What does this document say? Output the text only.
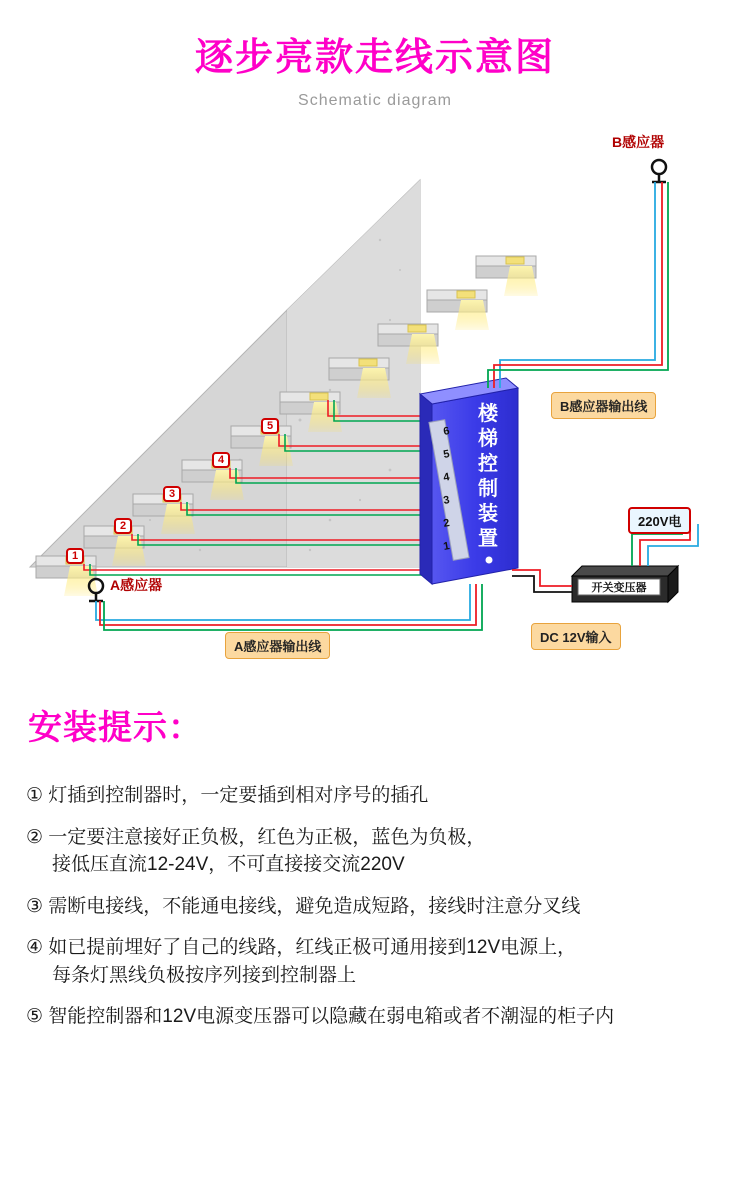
逐步亮款走线示意图
Schematic diagram
楼
梯
控
制
装
置
6
5
4
3
2
1
开关变压器
1
2
3
4
5
B感应器
A感应器
B感应器输出线
A感应器输出线
DC 12V输入
220V电
安装提示：
① 灯插到控制器时，一定要插到相对序号的插孔
② 一定要注意接好正负极，红色为正极，蓝色为负极，
接低压直流12-24V，不可直接接交流220V
③ 需断电接线，不能通电接线，避免造成短路，接线时注意分叉线
④ 如已提前埋好了自己的线路，红线正极可通用接到12V电源上，
每条灯黑线负极按序列接到控制器上
⑤ 智能控制器和12V电源变压器可以隐藏在弱电箱或者不潮湿的柜子内
